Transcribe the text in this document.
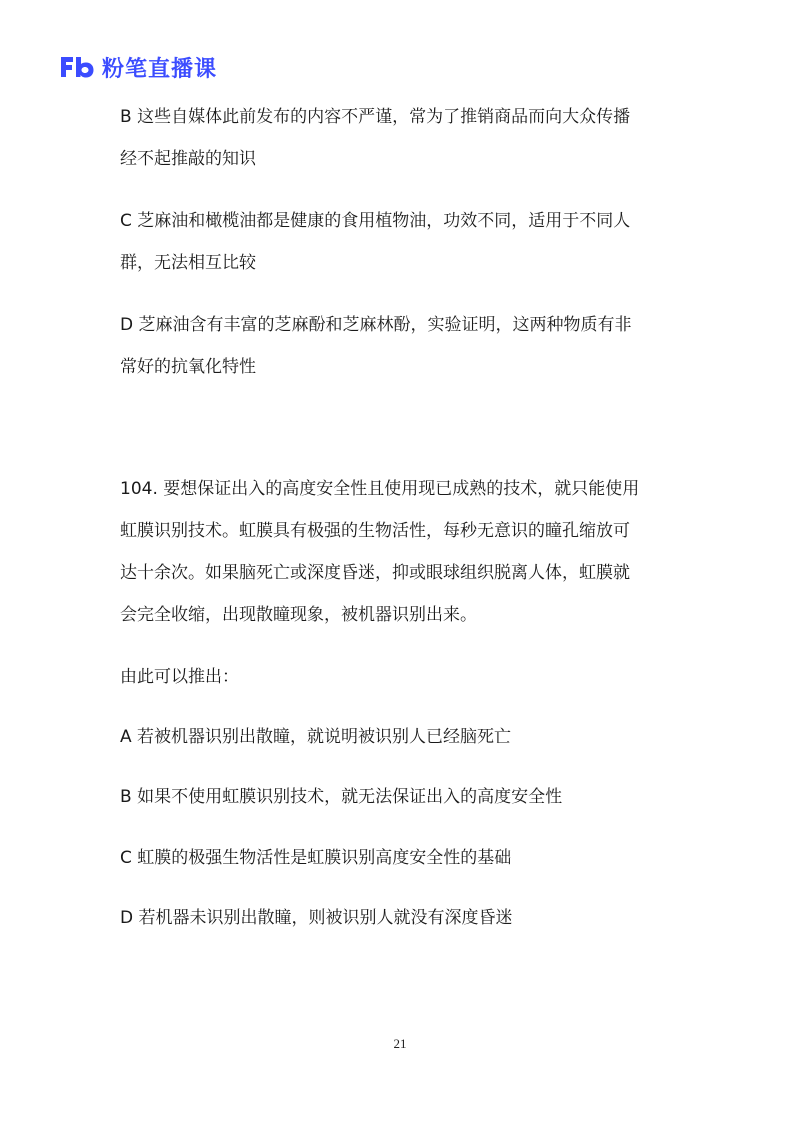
粉笔直播课
B 这些自媒体此前发布的内容不严谨，常为了推销商品而向大众传播
经不起推敲的知识
C 芝麻油和橄榄油都是健康的食用植物油，功效不同，适用于不同人
群，无法相互比较
D 芝麻油含有丰富的芝麻酚和芝麻林酚，实验证明，这两种物质有非
常好的抗氧化特性
104. 要想保证出入的高度安全性且使用现已成熟的技术，就只能使用
虹膜识别技术。虹膜具有极强的生物活性，每秒无意识的瞳孔缩放可
达十余次。如果脑死亡或深度昏迷，抑或眼球组织脱离人体，虹膜就
会完全收缩，出现散瞳现象，被机器识别出来。
由此可以推出：
A 若被机器识别出散瞳，就说明被识别人已经脑死亡
B 如果不使用虹膜识别技术，就无法保证出入的高度安全性
C 虹膜的极强生物活性是虹膜识别高度安全性的基础
D 若机器未识别出散瞳，则被识别人就没有深度昏迷
21
